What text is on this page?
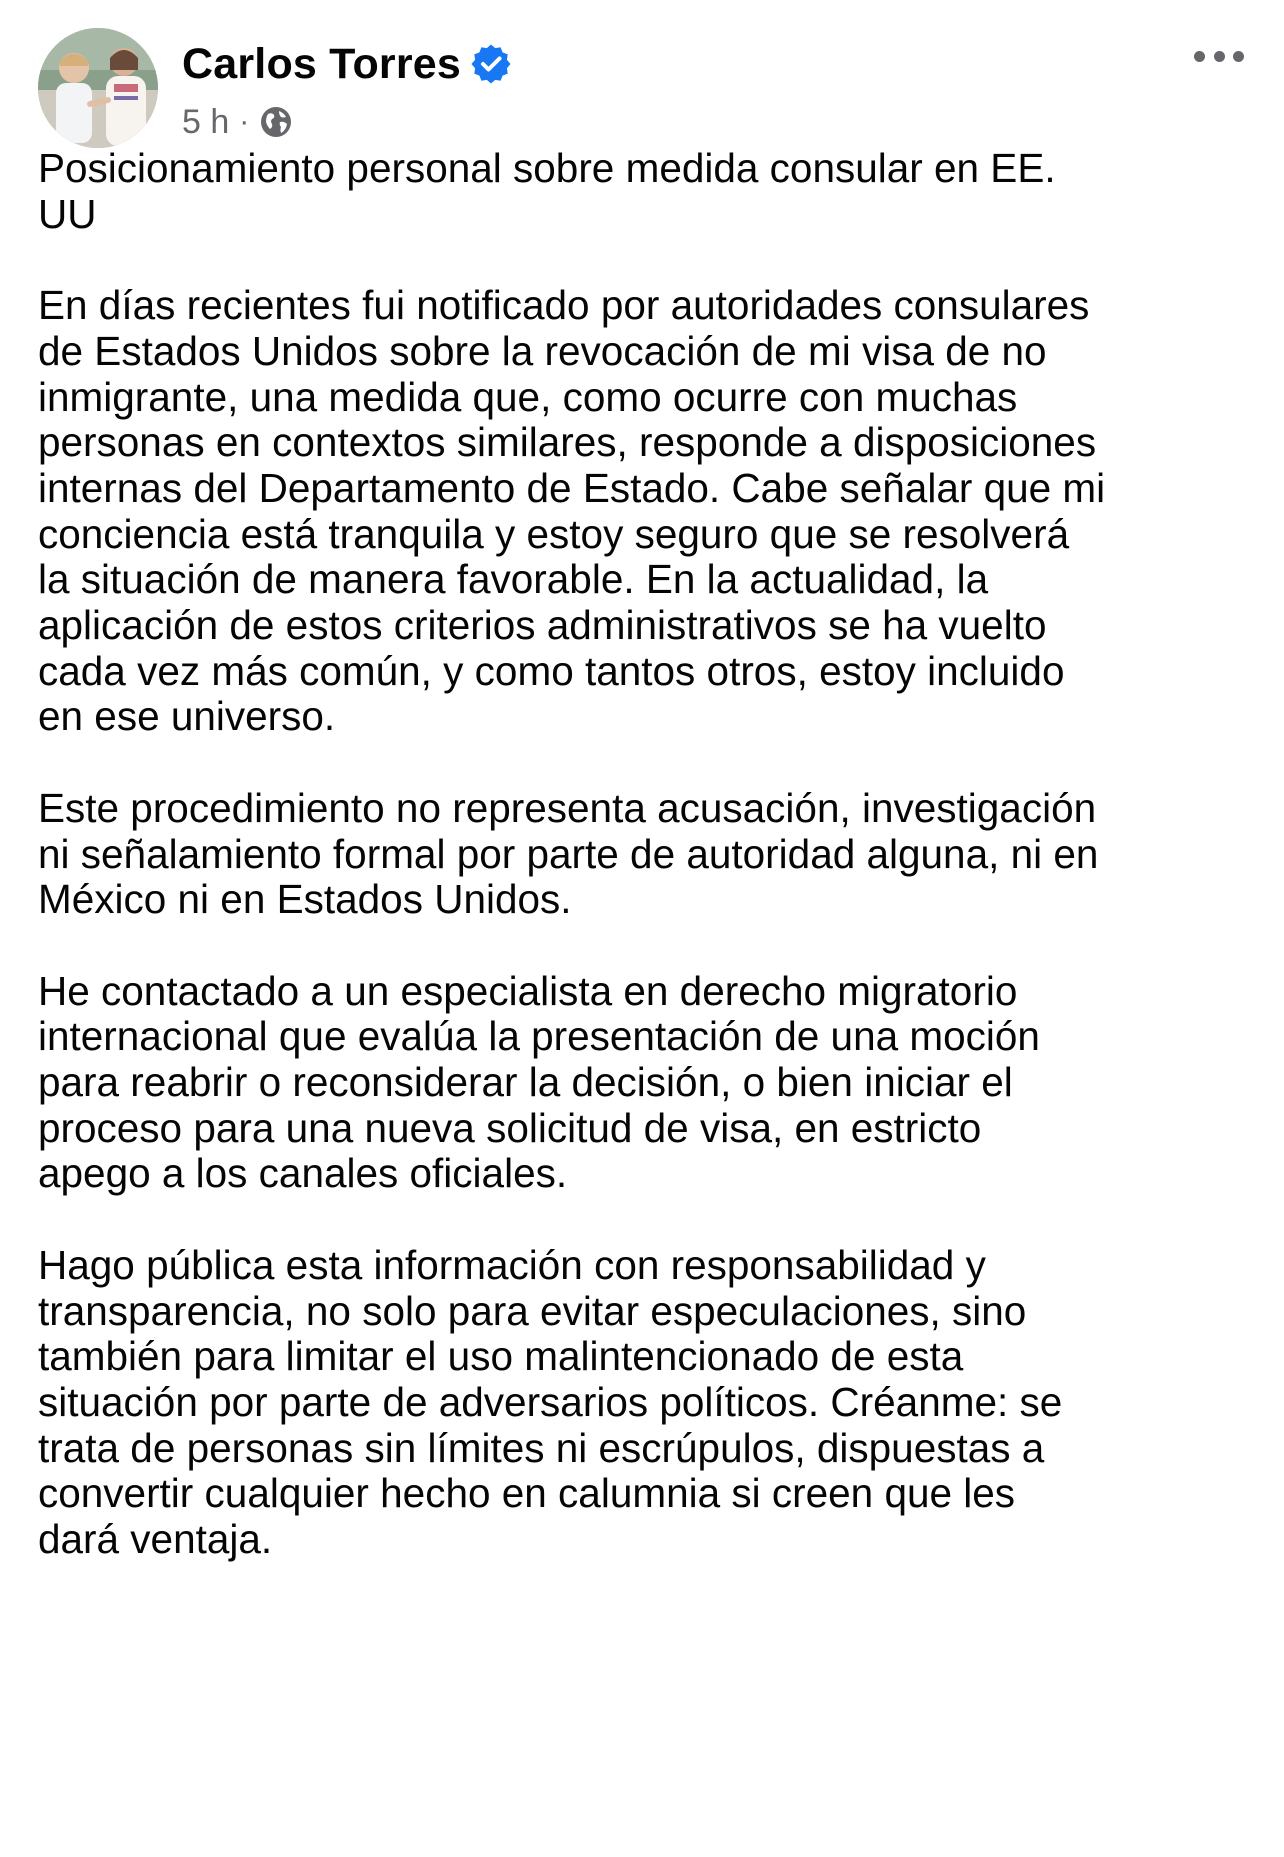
Carlos Torres
5 h ·
Posicionamiento personal sobre medida consular en EE.
UU
En días recientes fui notificado por autoridades consulares
de Estados Unidos sobre la revocación de mi visa de no
inmigrante, una medida que, como ocurre con muchas
personas en contextos similares, responde a disposiciones
internas del Departamento de Estado. Cabe señalar que mi
conciencia está tranquila y estoy seguro que se resolverá
la situación de manera favorable. En la actualidad, la
aplicación de estos criterios administrativos se ha vuelto
cada vez más común, y como tantos otros, estoy incluido
en ese universo.
Este procedimiento no representa acusación, investigación
ni señalamiento formal por parte de autoridad alguna, ni en
México ni en Estados Unidos.
He contactado a un especialista en derecho migratorio
internacional que evalúa la presentación de una moción
para reabrir o reconsiderar la decisión, o bien iniciar el
proceso para una nueva solicitud de visa, en estricto
apego a los canales oficiales.
Hago pública esta información con responsabilidad y
transparencia, no solo para evitar especulaciones, sino
también para limitar el uso malintencionado de esta
situación por parte de adversarios políticos. Créanme: se
trata de personas sin límites ni escrúpulos, dispuestas a
convertir cualquier hecho en calumnia si creen que les
dará ventaja.
